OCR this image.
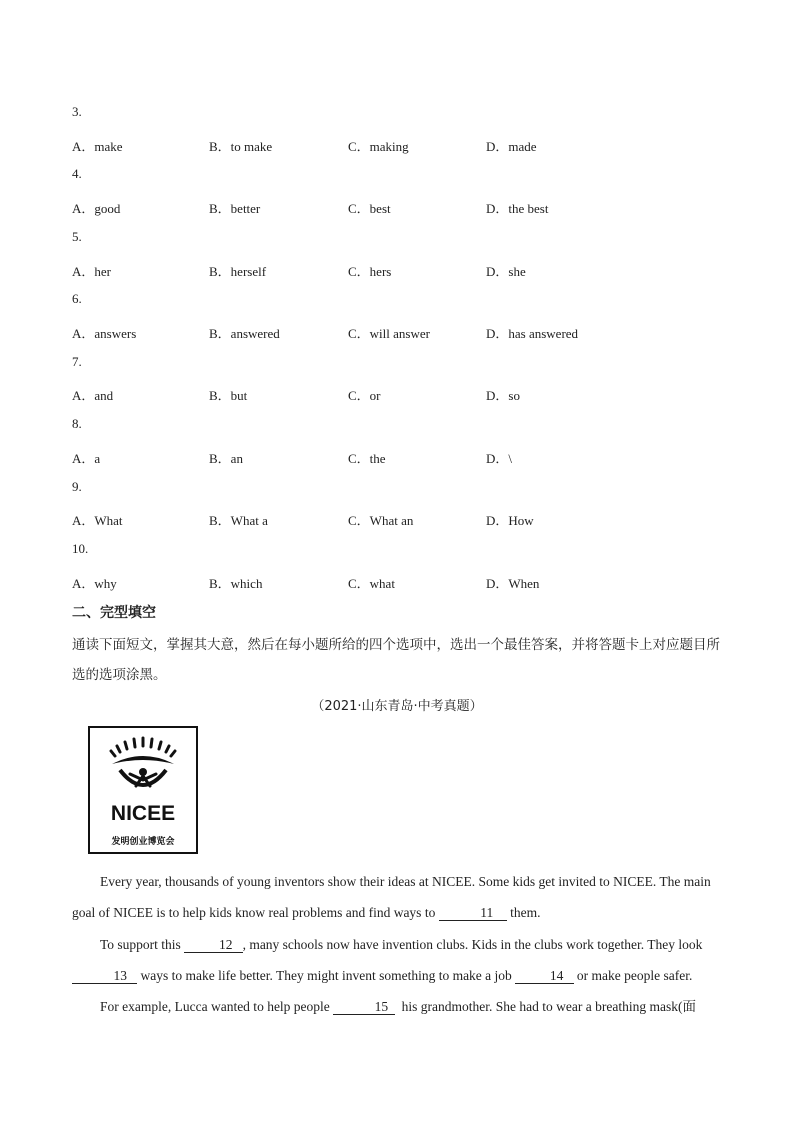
3.
A．make	B．to make	C．making	D．made
4.
A．good	B．better	C．best	D．the best
5.
A．her	B．herself	C．hers	D．she
6.
A．answers	B．answered	C．will answer	D．has answered
7.
A．and	B．but	C．or	D．so
8.
A．a	B．an	C．the	D．\
9.
A．What	B．What a	C．What an	D．How
10.
A．why	B．which	C．what	D．When
二、完型填空
通读下面短文，掌握其大意，然后在每小题所给的四个选项中，选出一个最佳答案，并将答题卡上对应题目所选的选项涂黑。
（2021·山东青岛·中考真题）
NICEE
发明创业博览会
Every year, thousands of young inventors show their ideas at NICEE. Some kids get invited to NICEE. The main goal of NICEE is to help kids know real problems and find ways to	11     them.
To support this	12 , many schools now have invention clubs. Kids in the clubs work together. They look     13    ways to make life better. They might invent something to make a job	14    or make people safer.
For example, Lucca wanted to help people	15    his grandmother. She had to wear a breathing mask(面
